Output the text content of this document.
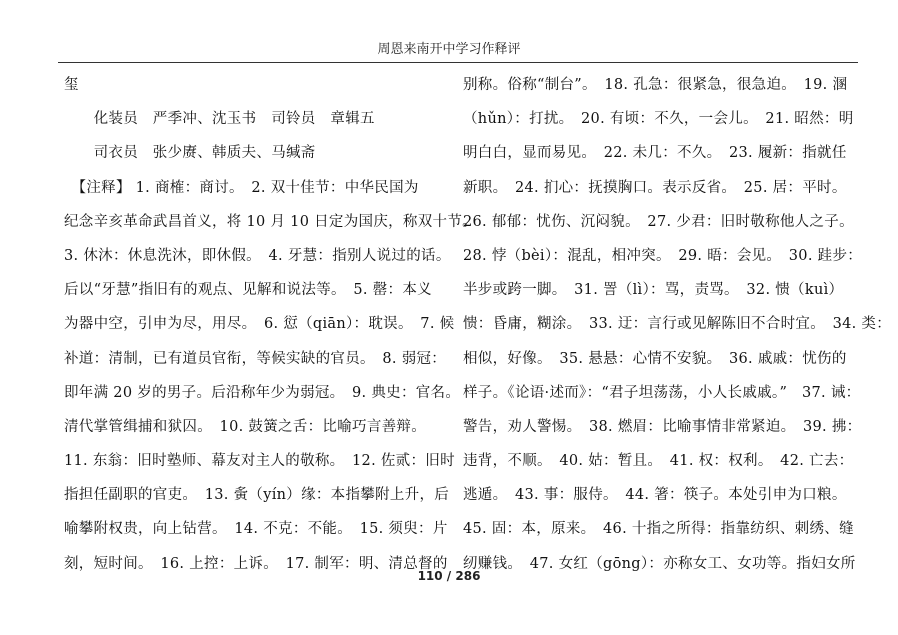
周恩来南开中学习作释评
玺
　　化装员　严季冲、沈玉书　司铃员　章辑五
　　司衣员　张少赓、韩质夫、马缄斋
　【注释】 1. 商榷：商讨。　2. 双十佳节：中华民国为
纪念辛亥革命武昌首义，将 10 月 10 日定为国庆，称双十节。
3. 休沐：休息洗沐，即休假。　4. 牙慧：指别人说过的话。
后以“牙慧”指旧有的观点、见解和说法等。　5. 罄：本义
为器中空，引申为尽，用尽。　6. 愆（qiān）：耽误。　7. 候
补道：清制，已有道员官衔，等候实缺的官员。　8. 弱冠：
即年满 20 岁的男子。后沿称年少为弱冠。　9. 典史：官名。
清代掌管缉捕和狱囚。　10. 鼓簧之舌：比喻巧言善辩。
11. 东翁：旧时塾师、幕友对主人的敬称。　12. 佐贰：旧时
指担任副职的官吏。　13. 夤（yín）缘：本指攀附上升，后
喻攀附权贵，向上钻营。　14. 不克：不能。　15. 须臾：片
刻，短时间。　16. 上控：上诉。　17. 制军：明、清总督的
别称。俗称“制台”。　18. 孔急：很紧急，很急迫。　19. 溷
（hǔn）：打扰。　20. 有顷：不久，一会儿。　21. 昭然：明
明白白，显而易见。　22. 未几：不久。　23. 履新：指就任
新职。　24. 扪心：抚摸胸口。表示反省。　25. 居：平时。
26. 郁郁：忧伤、沉闷貌。　27. 少君：旧时敬称他人之子。
28. 悖（bèi）：混乱，相冲突。　29. 晤：会见。　30. 跬步：
半步或跨一脚。　31. 詈（lì）：骂，责骂。　32. 愦（kuì）
愦：昏庸，糊涂。　33. 迂：言行或见解陈旧不合时宜。　34. 类：
相似，好像。　35. 悬悬：心情不安貌。　36. 戚戚：忧伤的
样子。《论语·述而》：“君子坦荡荡，小人长戚戚。”　37. 诫：
警告，劝人警惕。　38. 燃眉：比喻事情非常紧迫。　39. 拂：
违背，不顺。　40. 姑：暂且。　41. 权：权利。　42. 亡去：
逃遁。　43. 事：服侍。　44. 箸：筷子。本处引申为口粮。
45. 固：本，原来。　46. 十指之所得：指靠纺织、刺绣、缝
纫赚钱。　47. 女红（gōng）：亦称女工、女功等。指妇女所
110 / 286
